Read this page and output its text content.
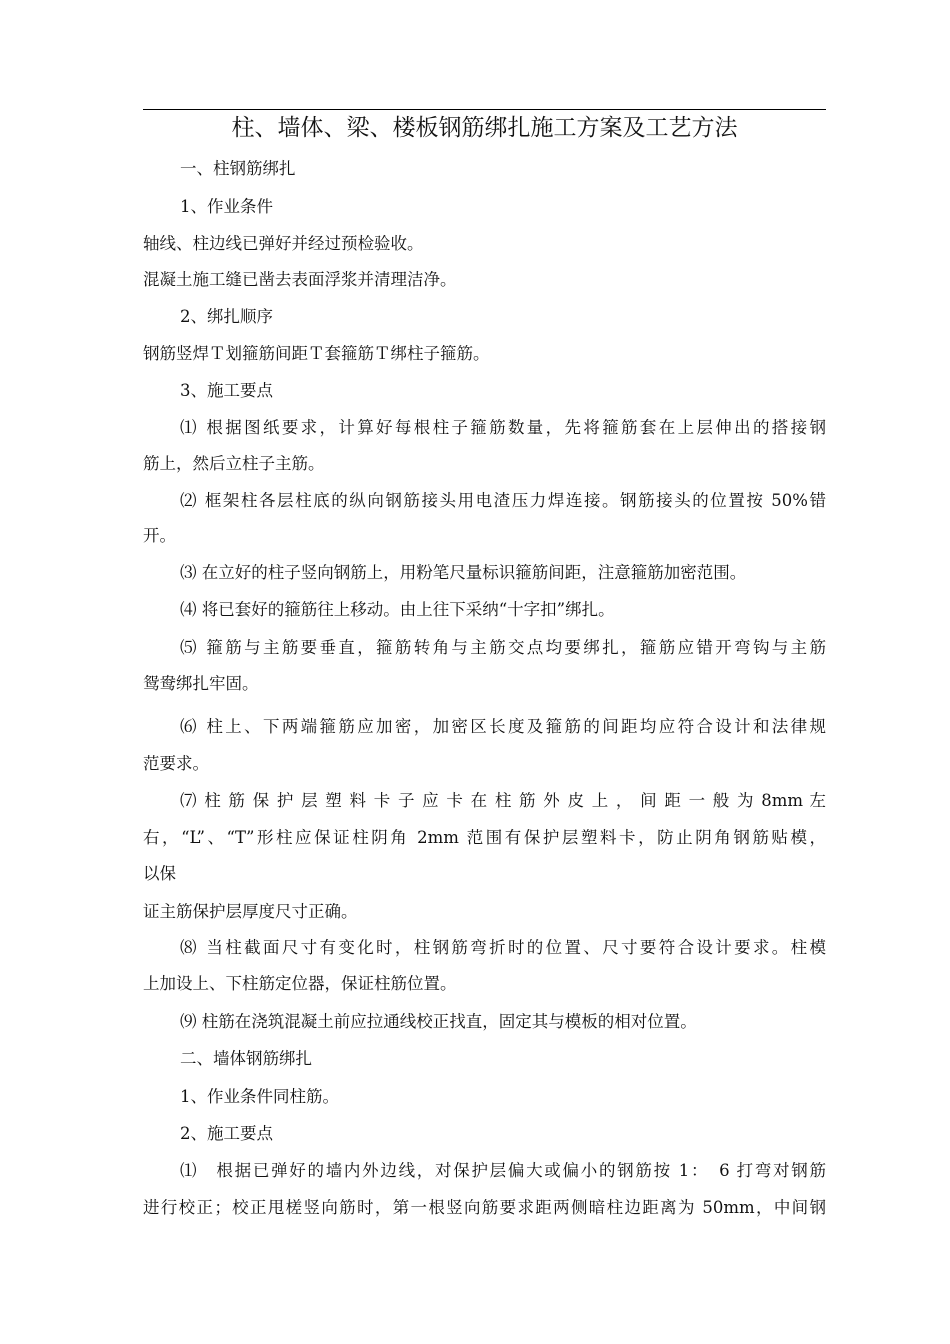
柱、墙体、梁、楼板钢筋绑扎施工方案及工艺方法
一、柱钢筋绑扎
1、作业条件
轴线、柱边线已弹好并经过预检验收。
混凝土施工缝已凿去表面浮浆并清理洁净。
2、绑扎顺序
钢筋竖焊Ｔ划箍筋间距Ｔ套箍筋Ｔ绑柱子箍筋。
3、施工要点
⑴ 根据图纸要求，计算好每根柱子箍筋数量，先将箍筋套在上层伸出的搭接钢
筋上，然后立柱子主筋。
⑵ 框架柱各层柱底的纵向钢筋接头用电渣压力焊连接。钢筋接头的位置按 50%错
开。
⑶ 在立好的柱子竖向钢筋上，用粉笔尺量标识箍筋间距，注意箍筋加密范围。
⑷ 将已套好的箍筋往上移动。由上往下采纳“十字扣”绑扎。
⑸ 箍筋与主筋要垂直，箍筋转角与主筋交点均要绑扎，箍筋应错开弯钩与主筋
鸳鸯绑扎牢固。
⑹ 柱上、下两端箍筋应加密，加密区长度及箍筋的间距均应符合设计和法律规
范要求。
⑺ 柱 筋 保 护 层 塑 料 卡 子 应 卡 在 柱 筋 外 皮 上 ， 间 距 一 般 为 8mm 左
右，“L”、“T”形柱应保证柱阴角 2mm 范围有保护层塑料卡，防止阴角钢筋贴模，
以保
证主筋保护层厚度尺寸正确。
⑻ 当柱截面尺寸有变化时，柱钢筋弯折时的位置、尺寸要符合设计要求。柱模
上加设上、下柱筋定位器，保证柱筋位置。
⑼ 柱筋在浇筑混凝土前应拉通线校正找直，固定其与模板的相对位置。
二、墙体钢筋绑扎
1、作业条件同柱筋。
2、施工要点
⑴　根据已弹好的墙内外边线，对保护层偏大或偏小的钢筋按 1：　6 打弯对钢筋
进行校正；校正甩槎竖向筋时，第一根竖向筋要求距两侧暗柱边距离为 50mm，中间钢
